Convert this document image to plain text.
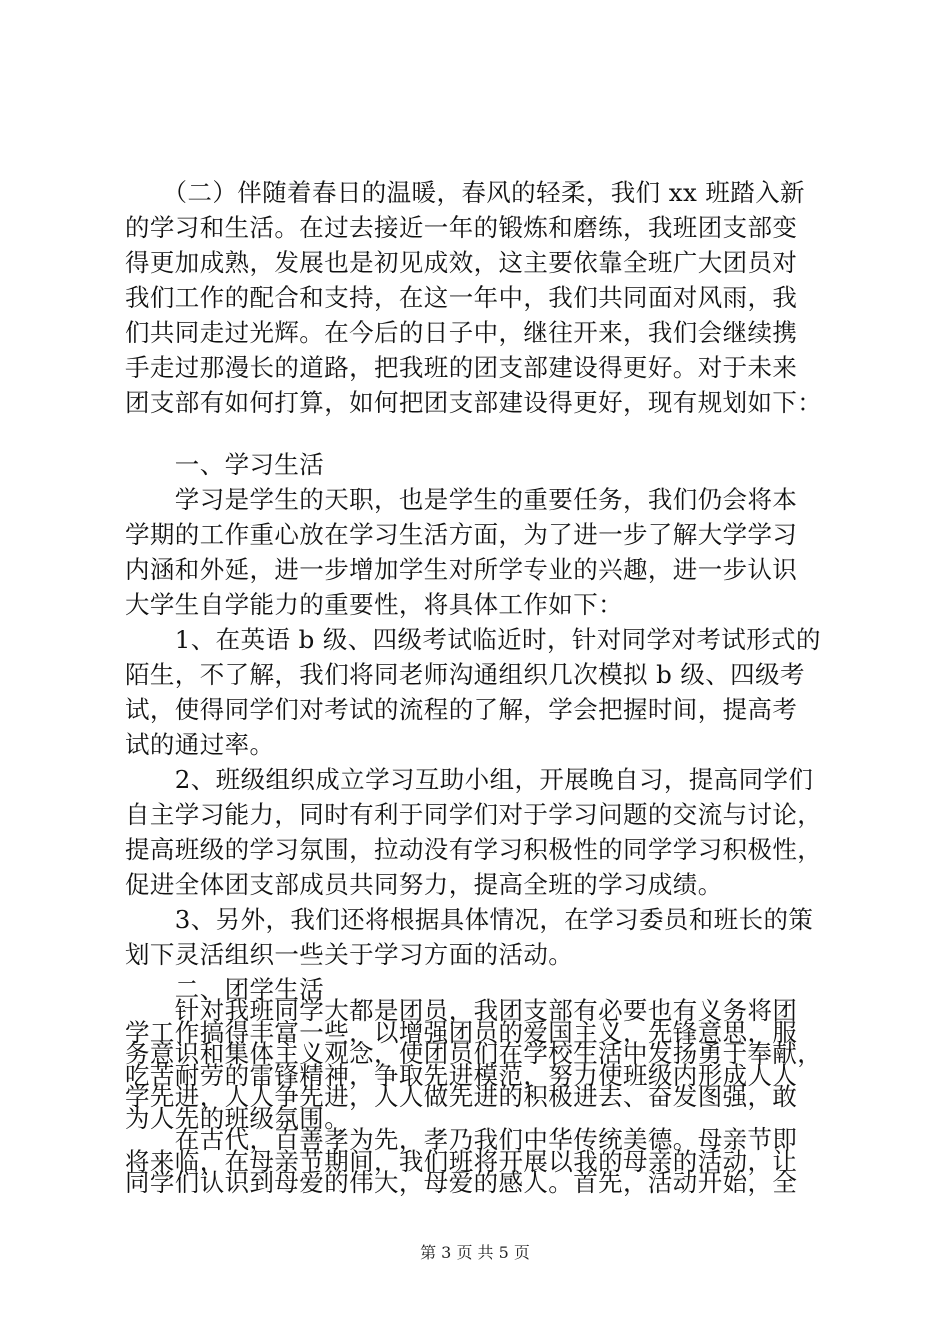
　　（二）伴随着春日的温暖，春风的轻柔，我们 xx 班踏入新
的学习和生活。在过去接近一年的锻炼和磨练，我班团支部变
得更加成熟，发展也是初见成效，这主要依靠全班广大团员对
我们工作的配合和支持，在这一年中，我们共同面对风雨，我
们共同走过光辉。在今后的日子中，继往开来，我们会继续携
手走过那漫长的道路，把我班的团支部建设得更好。对于未来
团支部有如何打算，如何把团支部建设得更好，现有规划如下：
　　一、学习生活
　　学习是学生的天职，也是学生的重要任务，我们仍会将本
学期的工作重心放在学习生活方面，为了进一步了解大学学习
内涵和外延，进一步增加学生对所学专业的兴趣，进一步认识
大学生自学能力的重要性，将具体工作如下：
　　1、在英语 b 级、四级考试临近时，针对同学对考试形式的
陌生，不了解，我们将同老师沟通组织几次模拟 b 级、四级考
试，使得同学们对考试的流程的了解，学会把握时间，提高考
试的通过率。
　　2、班级组织成立学习互助小组，开展晚自习，提高同学们
自主学习能力，同时有利于同学们对于学习问题的交流与讨论，
提高班级的学习氛围，拉动没有学习积极性的同学学习积极性，
促进全体团支部成员共同努力，提高全班的学习成绩。
　　3、另外，我们还将根据具体情况，在学习委员和班长的策
划下灵活组织一些关于学习方面的活动。
　　二、团学生活
　　针对我班同学大都是团员，我团支部有必要也有义务将团
学工作搞得丰富一些，以增强团员的爱国主义，先锋意思，服
务意识和集体主义观念，使团员们在学校生活中发扬勇于奉献，
吃苦耐劳的雷锋精神，争取先进模范，努力使班级内形成人人
学先进，人人争先进，人人做先进的积极进去、奋发图强，敢
为人先的班级氛围。
第 3 页 共 5 页
　　在古代，百善孝为先，孝乃我们中华传统美德。母亲节即
将来临，在母亲节期间，我们班将开展以我的母亲的活动，让
同学们认识到母爱的伟大，母爱的感人。首先，活动开始，全
